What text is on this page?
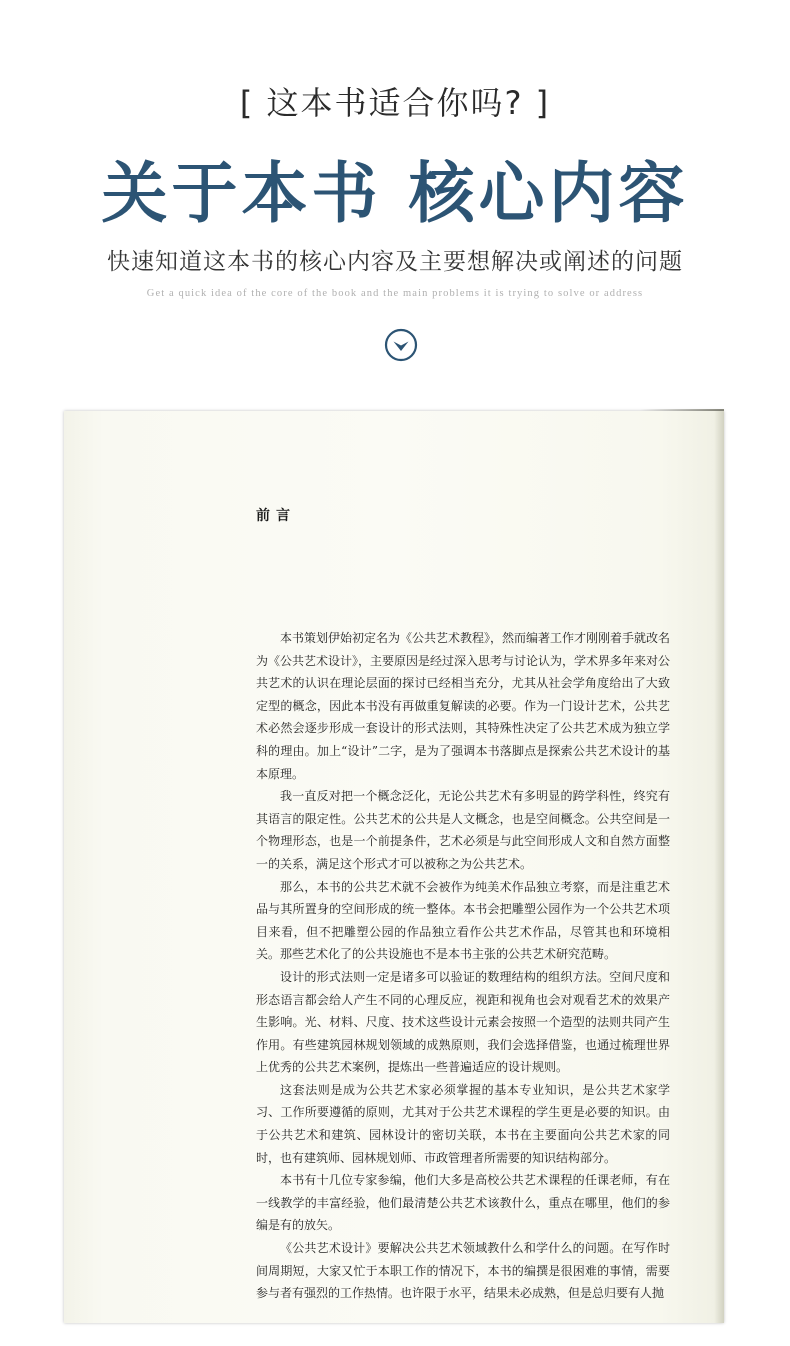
[ 这本书适合你吗? ]
关于本书 核心内容
快速知道这本书的核心内容及主要想解决或阐述的问题
Get a quick idea of the core of the book and the main problems it is trying to solve or address
前言

本书策划伊始初定名为《公共艺术教程》，然而编著工作才刚刚着手就改名为《公共艺术设计》，主要原因是经过深入思考与讨论认为，学术界多年来对公共艺术的认识在理论层面的探讨已经相当充分，尤其从社会学角度给出了大致定型的概念，因此本书没有再做重复解读的必要。作为一门设计艺术，公共艺术必然会逐步形成一套设计的形式法则，其特殊性决定了公共艺术成为独立学科的理由。加上“设计”二字，是为了强调本书落脚点是探索公共艺术设计的基本原理。

我一直反对把一个概念泛化，无论公共艺术有多明显的跨学科性，终究有其语言的限定性。公共艺术的公共是人文概念，也是空间概念。公共空间是一个物理形态，也是一个前提条件，艺术必须是与此空间形成人文和自然方面整一的关系，满足这个形式才可以被称之为公共艺术。

那么，本书的公共艺术就不会被作为纯美术作品独立考察，而是注重艺术品与其所置身的空间形成的统一整体。本书会把雕塑公园作为一个公共艺术项目来看，但不把雕塑公园的作品独立看作公共艺术作品，尽管其也和环境相关。那些艺术化了的公共设施也不是本书主张的公共艺术研究范畴。

设计的形式法则一定是诸多可以验证的数理结构的组织方法。空间尺度和形态语言都会给人产生不同的心理反应，视距和视角也会对观看艺术的效果产生影响。光、材料、尺度、技术这些设计元素会按照一个造型的法则共同产生作用。有些建筑园林规划领域的成熟原则，我们会选择借鉴，也通过梳理世界上优秀的公共艺术案例，提炼出一些普遍适应的设计规则。

这套法则是成为公共艺术家必须掌握的基本专业知识，是公共艺术家学习、工作所要遵循的原则，尤其对于公共艺术课程的学生更是必要的知识。由于公共艺术和建筑、园林设计的密切关联，本书在主要面向公共艺术家的同时，也有建筑师、园林规划师、市政管理者所需要的知识结构部分。

本书有十几位专家参编，他们大多是高校公共艺术课程的任课老师，有在一线教学的丰富经验，他们最清楚公共艺术该教什么，重点在哪里，他们的参编是有的放矢。

《公共艺术设计》要解决公共艺术领域教什么和学什么的问题。在写作时间周期短，大家又忙于本职工作的情况下，本书的编撰是很困难的事情，需要参与者有强烈的工作热情。也许限于水平，结果未必成熟，但是总归要有人抛
